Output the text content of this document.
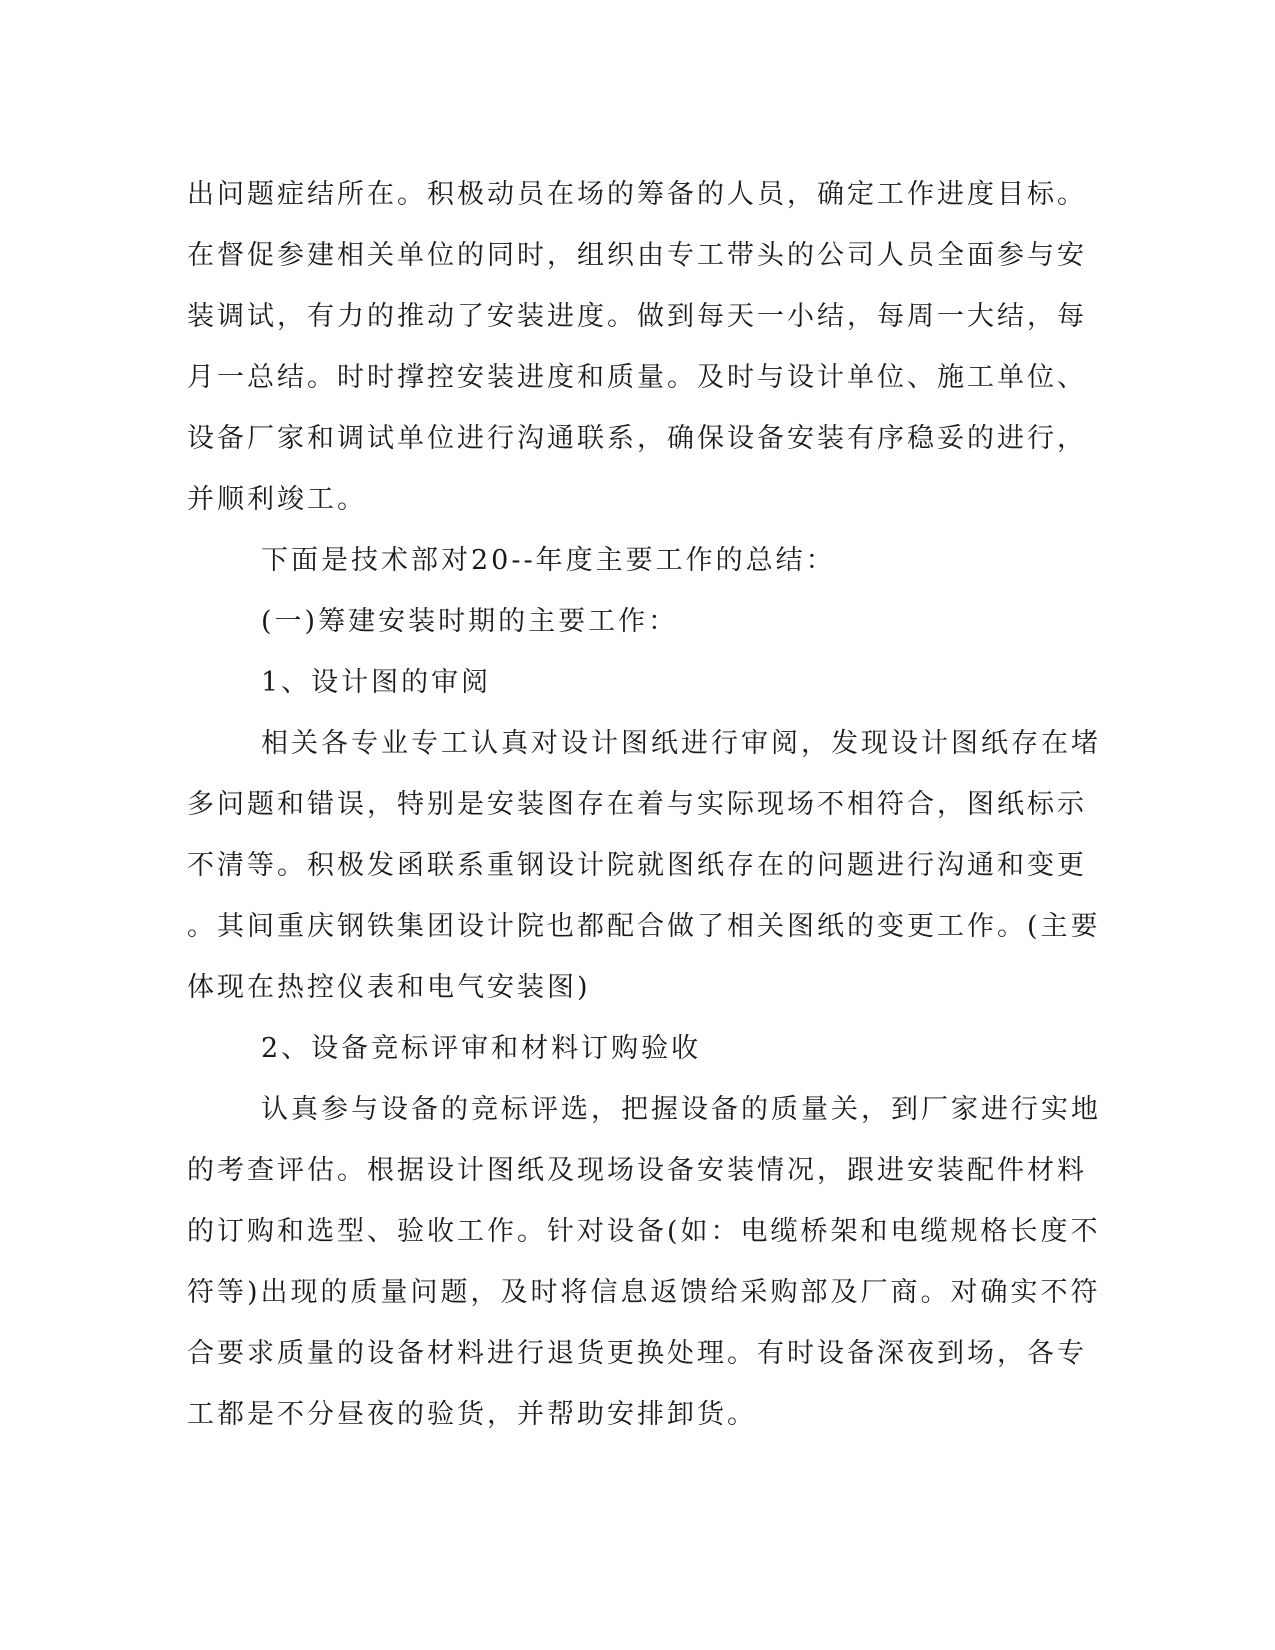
出问题症结所在。积极动员在场的筹备的人员，确定工作进度目标。
在督促参建相关单位的同时，组织由专工带头的公司人员全面参与安
装调试，有力的推动了安装进度。做到每天一小结，每周一大结，每
月一总结。时时撑控安装进度和质量。及时与设计单位、施工单位、
设备厂家和调试单位进行沟通联系，确保设备安装有序稳妥的进行，
并顺利竣工。
下面是技术部对20--年度主要工作的总结：
(一)筹建安装时期的主要工作：
1、设计图的审阅
相关各专业专工认真对设计图纸进行审阅，发现设计图纸存在堵
多问题和错误，特别是安装图存在着与实际现场不相符合，图纸标示
不清等。积极发函联系重钢设计院就图纸存在的问题进行沟通和变更
。其间重庆钢铁集团设计院也都配合做了相关图纸的变更工作。(主要
体现在热控仪表和电气安装图)
2、设备竞标评审和材料订购验收
认真参与设备的竞标评选，把握设备的质量关，到厂家进行实地
的考查评估。根据设计图纸及现场设备安装情况，跟进安装配件材料
的订购和选型、验收工作。针对设备(如：电缆桥架和电缆规格长度不
符等)出现的质量问题，及时将信息返馈给采购部及厂商。对确实不符
合要求质量的设备材料进行退货更换处理。有时设备深夜到场，各专
工都是不分昼夜的验货，并帮助安排卸货。
